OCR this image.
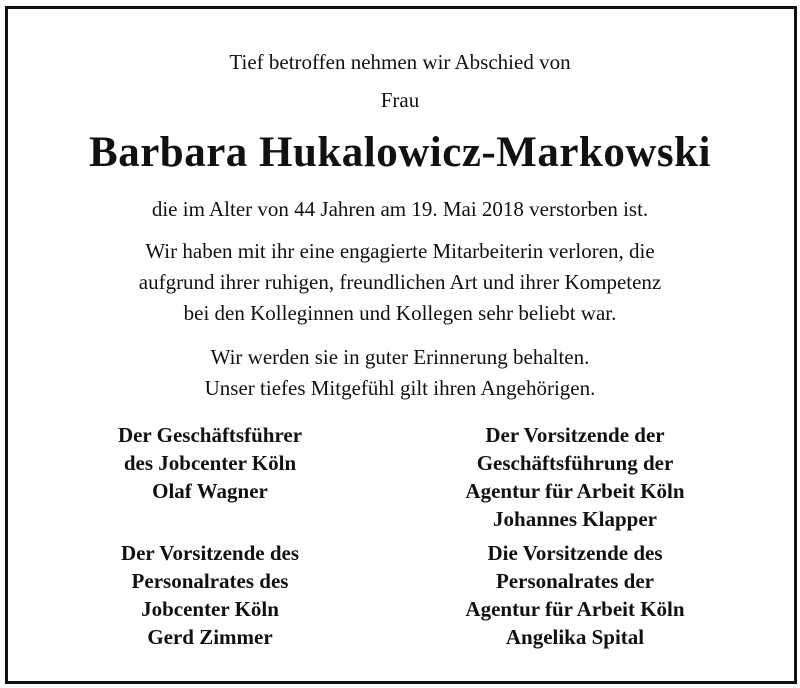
Tief betroffen nehmen wir Abschied von
Frau
Barbara Hukalowicz-Markowski
die im Alter von 44 Jahren am 19. Mai 2018 verstorben ist.
Wir haben mit ihr eine engagierte Mitarbeiterin verloren, die
aufgrund ihrer ruhigen, freundlichen Art und ihrer Kompetenz
bei den Kolleginnen und Kollegen sehr beliebt war.
Wir werden sie in guter Erinnerung behalten.
Unser tiefes Mitgefühl gilt ihren Angehörigen.
Der Geschäftsführer
des Jobcenter Köln
Olaf Wagner
Der Vorsitzende der
Geschäftsführung der
Agentur für Arbeit Köln
Johannes Klapper
Der Vorsitzende des
Personalrates des
Jobcenter Köln
Gerd Zimmer
Die Vorsitzende des
Personalrates der
Agentur für Arbeit Köln
Angelika Spital
